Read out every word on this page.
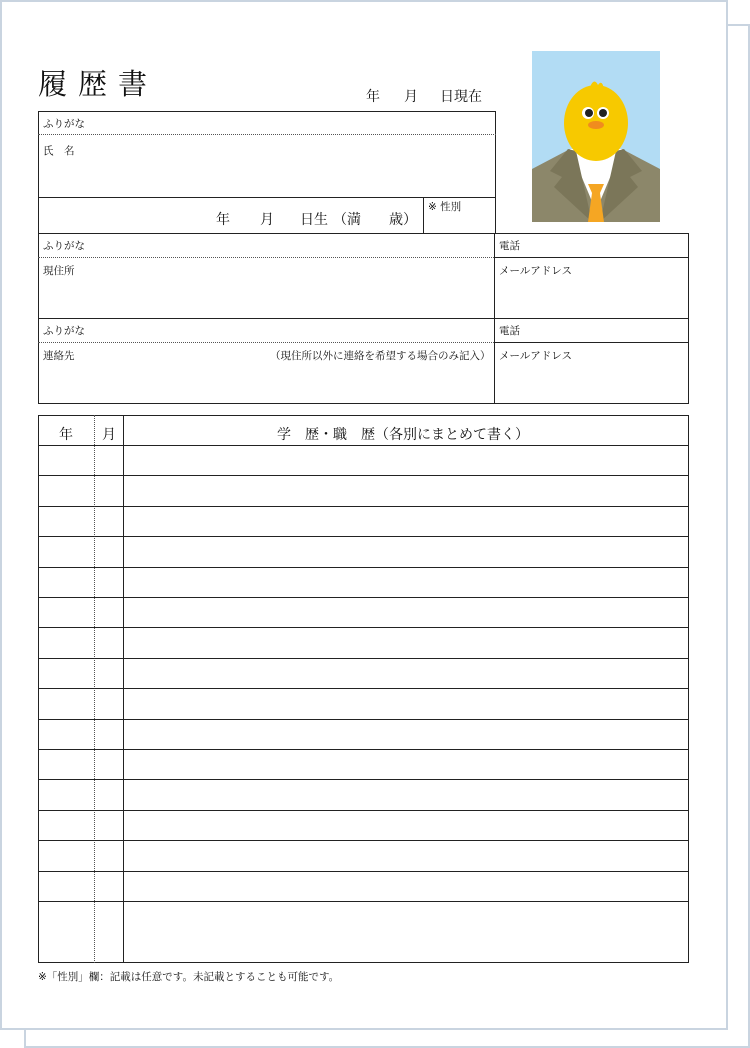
履歴書	年 月 日現在
ふりがな
氏　名
年 月 日生 （満　　歳）
※ 性別
ふりがな
現住所
電話
メールアドレス
ふりがな
連絡先	（現住所以外に連絡を希望する場合のみ記入）
電話
メールアドレス
年 月	学　歴・職　歴（各別にまとめて書く）
※「性別」欄：記載は任意です。未記載とすることも可能です。
